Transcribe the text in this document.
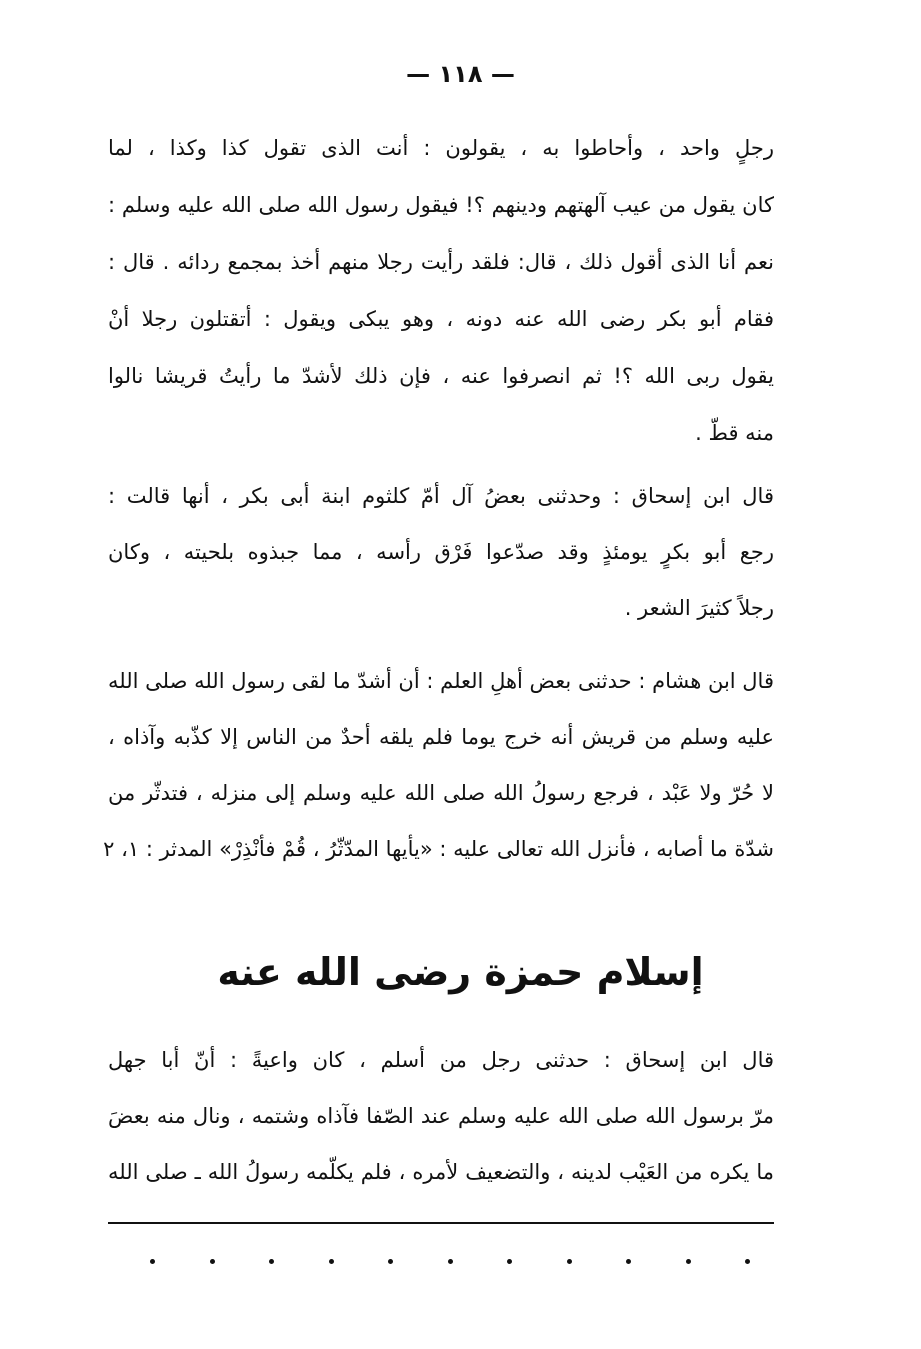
— ١١٨ —
رجلٍ واحد ، وأحاطوا به ، يقولون : أنت الذى تقول كذا وكذا ، لما
كان يقول من عيب آلهتهم ودينهم ؟! فيقول رسول الله صلى الله عليه وسلم :
نعم أنا الذى أقول ذلك ، قال: فلقد رأيت رجلا منهم أخذ بمجمع ردائه . قال :
فقام أبو بكر رضى الله عنه دونه ، وهو يبكى ويقول : أتقتلون رجلا أنْ
يقول ربى الله ؟! ثم انصرفوا عنه ، فإن ذلك لأشدّ ما رأيتُ قريشا نالوا
منه قطّ .
قال ابن إسحاق : وحدثنى بعضُ آل أمّ كلثوم ابنة أبى بكر ، أنها قالت :
رجع أبو بكرٍ يومئذٍ وقد صدّعوا فَرْق رأسه ، مما جبذوه بلحيته ، وكان
رجلاً كثيرَ الشعر .
قال ابن هشام : حدثنى بعض أهلِ العلم : أن أشدّ ما لقى رسول الله صلى الله
عليه وسلم من قريش أنه خرج يوما فلم يلقه أحدٌ من الناس إلا كذّبه وآذاه ،
لا حُرّ ولا عَبْد ، فرجع رسولُ الله صلى الله عليه وسلم إلى منزله ، فتدثّر من
شدّة ما أصابه ، فأنزل الله تعالى عليه : «يأيها المدّثّرُ ، قُمْ فأنْذِرْ» المدثر : ١، ٢
إسلام حمزة رضى الله عنه
قال ابن إسحاق : حدثنى رجل من أسلم ، كان واعيةً : أنّ أبا جهل
مرّ برسول الله صلى الله عليه وسلم عند الصّفا فآذاه وشتمه ، ونال منه بعضَ
ما يكره من العَيْب لدينه ، والتضعيف لأمره ، فلم يكلّمه رسولُ الله ـ صلى الله
